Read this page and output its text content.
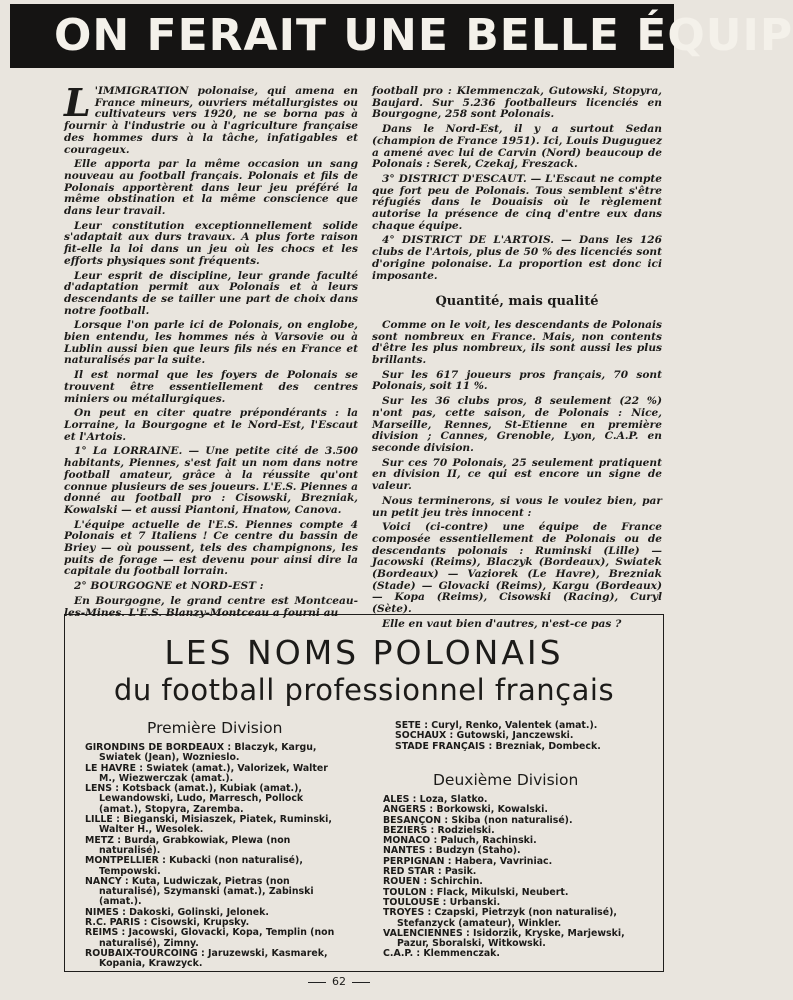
ON FERAIT UNE BELLE ÉQUIP

L 'IMMIGRATION polonaise, qui amena en France mineurs, ouvriers métallurgistes ou cultivateurs vers 1920, ne se borna pas à fournir à l'industrie ou à l'agriculture française des hommes durs à la tâche, infatigables et courageux.

Elle apporta par la même occasion un sang nouveau au football français. Polonais et fils de Polonais apportèrent dans leur jeu préféré la même obstination et la même conscience que dans leur travail.

Leur constitution exceptionnellement solide s'adaptait aux durs travaux. A plus forte raison fit-elle la loi dans un jeu où les chocs et les efforts physiques sont fréquents.

Leur esprit de discipline, leur grande faculté d'adaptation permit aux Polonais et à leurs descendants de se tailler une part de choix dans notre football.

Lorsque l'on parle ici de Polonais, on englobe, bien entendu, les hommes nés à Varsovie ou à Lublin aussi bien que leurs fils nés en France et naturalisés par la suite.

Il est normal que les foyers de Polonais se trouvent être essentiellement des centres miniers ou métallurgiques.

On peut en citer quatre prépondérants : la Lorraine, la Bourgogne et le Nord-Est, l'Escaut et l'Artois.

1° La LORRAINE. — Une petite cité de 3.500 habitants, Piennes, s'est fait un nom dans notre football amateur, grâce à la réussite qu'ont connue plusieurs de ses joueurs. L'E.S. Piennes a donné au football pro : Cisowski, Brezniak, Kowalski — et aussi Piantoni, Hnatow, Canova.

L'équipe actuelle de l'E.S. Piennes compte 4 Polonais et 7 Italiens ! Ce centre du bassin de Briey — où poussent, tels des champignons, les puits de forage — est devenu pour ainsi dire la capitale du football lorrain.

2° BOURGOGNE et NORD-EST :

En Bourgogne, le grand centre est Montceau-les-Mines. L'E.S. Blanzy-Montceau a fourni au

football pro : Klemmenczak, Gutowski, Stopyra, Baujard. Sur 5.236 footballeurs licenciés en Bourgogne, 258 sont Polonais.

Dans le Nord-Est, il y a surtout Sedan (champion de France 1951). Ici, Louis Duguguez a amené avec lui de Carvin (Nord) beaucoup de Polonais : Serek, Czekaj, Freszack.

3° DISTRICT D'ESCAUT. — L'Escaut ne compte que fort peu de Polonais. Tous semblent s'être réfugiés dans le Douaisis où le règlement autorise la présence de cinq d'entre eux dans chaque équipe.

4° DISTRICT DE L'ARTOIS. — Dans les 126 clubs de l'Artois, plus de 50 % des licenciés sont d'origine polonaise. La proportion est donc ici imposante.

Quantité, mais qualité

Comme on le voit, les descendants de Polonais sont nombreux en France. Mais, non contents d'être les plus nombreux, ils sont aussi les plus brillants.

Sur les 617 joueurs pros français, 70 sont Polonais, soit 11 %.

Sur les 36 clubs pros, 8 seulement (22 %) n'ont pas, cette saison, de Polonais : Nice, Marseille, Rennes, St-Etienne en première division ; Cannes, Grenoble, Lyon, C.A.P. en seconde division.

Sur ces 70 Polonais, 25 seulement pratiquent en division II, ce qui est encore un signe de valeur.

Nous terminerons, si vous le voulez bien, par un petit jeu très innocent :

Voici (ci-contre) une équipe de France composée essentiellement de Polonais ou de descendants polonais : Ruminski (Lille) — Jacowski (Reims), Blaczyk (Bordeaux), Swiatek (Bordeaux) — Vaziorek (Le Havre), Brezniak (Stade) — Glovacki (Reims), Kargu (Bordeaux) — Kopa (Reims), Cisowski (Racing), Curyl (Sète).

Elle en vaut bien d'autres, n'est-ce pas ?

LES NOMS POLONAIS
du football professionnel français
Première Division
GIRONDINS DE BORDEAUX : Blaczyk, Kargu, Swiatek (Jean), Woznieslo.
LE HAVRE : Swiatek (amat.), Valorizek, Walter M., Wiezwerczak (amat.).
LENS : Kotsback (amat.), Kubiak (amat.), Lewandowski, Ludo, Marresch, Pollock (amat.), Stopyra, Zaremba.
LILLE : Bieganski, Misiaszek, Piatek, Ruminski, Walter H., Wesolek.
METZ : Burda, Grabkowiak, Plewa (non naturalisé).
MONTPELLIER : Kubacki (non naturalisé), Tempowski.
NANCY : Kuta, Ludwiczak, Pietras (non naturalisé), Szymanski (amat.), Zabinski (amat.).
NIMES : Dakoski, Golinski, Jelonek.
R.C. PARIS : Cisowski, Krupsky.
REIMS : Jacowski, Glovacki, Kopa, Templin (non naturalisé), Zimny.
ROUBAIX-TOURCOING : Jaruzewski, Kasmarek, Kopania, Krawzyck.
SETE : Curyl, Renko, Valentek (amat.).
SOCHAUX : Gutowski, Janczewski.
STADE FRANÇAIS : Brezniak, Dombeck.
Deuxième Division
ALES : Loza, Slatko.
ANGERS : Borkowski, Kowalski.
BESANÇON : Skiba (non naturalisé).
BEZIERS : Rodzielski.
MONACO : Paluch, Rachinski.
NANTES : Budzyn (Staho).
PERPIGNAN : Habera, Vavriniac.
RED STAR : Pasik.
ROUEN : Schirchin.
TOULON : Flack, Mikulski, Neubert.
TOULOUSE : Urbanski.
TROYES : Czapski, Pietrzyk (non naturalisé), Stefanzyck (amateur), Winkler.
VALENCIENNES : Isidorzik, Kryske, Marjewski, Pazur, Sboralski, Witkowski.
C.A.P. : Klemmenczak.
62
